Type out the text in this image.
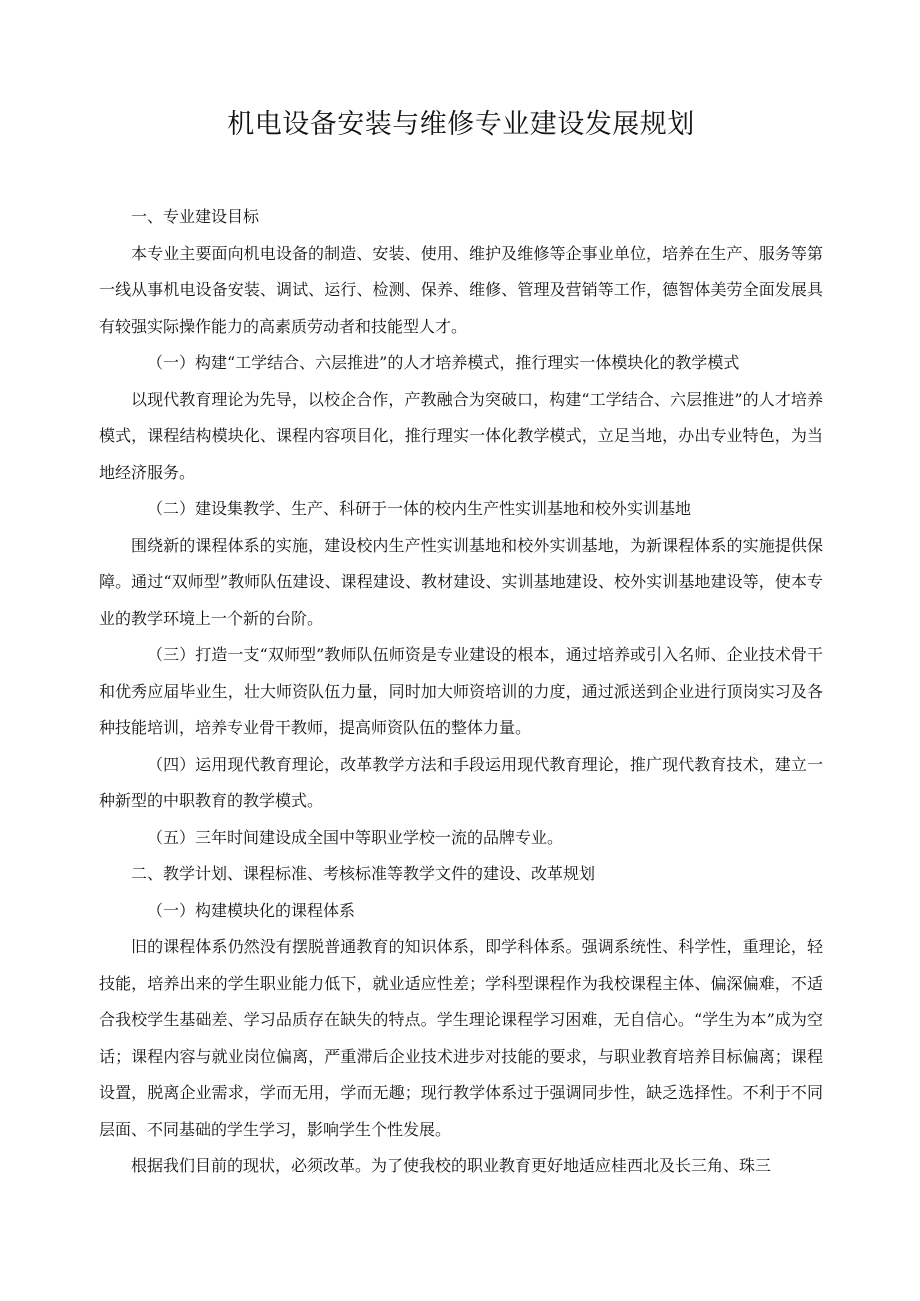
机电设备安装与维修专业建设发展规划

一、专业建设目标

本专业主要面向机电设备的制造、安装、使用、维护及维修等企事业单位，培养在生产、服务等第一线从事机电设备安装、调试、运行、检测、保养、维修、管理及营销等工作，德智体美劳全面发展具有较强实际操作能力的高素质劳动者和技能型人才。

（一）构建“工学结合、六层推进”的人才培养模式，推行理实一体模块化的教学模式

以现代教育理论为先导，以校企合作，产教融合为突破口，构建“工学结合、六层推进”的人才培养模式，课程结构模块化、课程内容项目化，推行理实一体化教学模式，立足当地，办出专业特色，为当地经济服务。

（二）建设集教学、生产、科研于一体的校内生产性实训基地和校外实训基地

围绕新的课程体系的实施，建设校内生产性实训基地和校外实训基地，为新课程体系的实施提供保障。通过“双师型”教师队伍建设、课程建设、教材建设、实训基地建设、校外实训基地建设等，使本专业的教学环境上一个新的台阶。

（三）打造一支“双师型”教师队伍师资是专业建设的根本，通过培养或引入名师、企业技术骨干和优秀应届毕业生，壮大师资队伍力量，同时加大师资培训的力度，通过派送到企业进行顶岗实习及各种技能培训，培养专业骨干教师，提高师资队伍的整体力量。

（四）运用现代教育理论，改革教学方法和手段运用现代教育理论，推广现代教育技术，建立一种新型的中职教育的教学模式。

（五）三年时间建设成全国中等职业学校一流的品牌专业。

二、教学计划、课程标准、考核标准等教学文件的建设、改革规划

（一）构建模块化的课程体系

旧的课程体系仍然没有摆脱普通教育的知识体系，即学科体系。强调系统性、科学性，重理论，轻技能，培养出来的学生职业能力低下，就业适应性差；学科型课程作为我校课程主体、偏深偏难，不适合我校学生基础差、学习品质存在缺失的特点。学生理论课程学习困难，无自信心。“学生为本”成为空话；课程内容与就业岗位偏离，严重滞后企业技术进步对技能的要求，与职业教育培养目标偏离；课程设置，脱离企业需求，学而无用，学而无趣；现行教学体系过于强调同步性，缺乏选择性。不利于不同层面、不同基础的学生学习，影响学生个性发展。

根据我们目前的现状，必须改革。为了使我校的职业教育更好地适应桂西北及长三角、珠三
